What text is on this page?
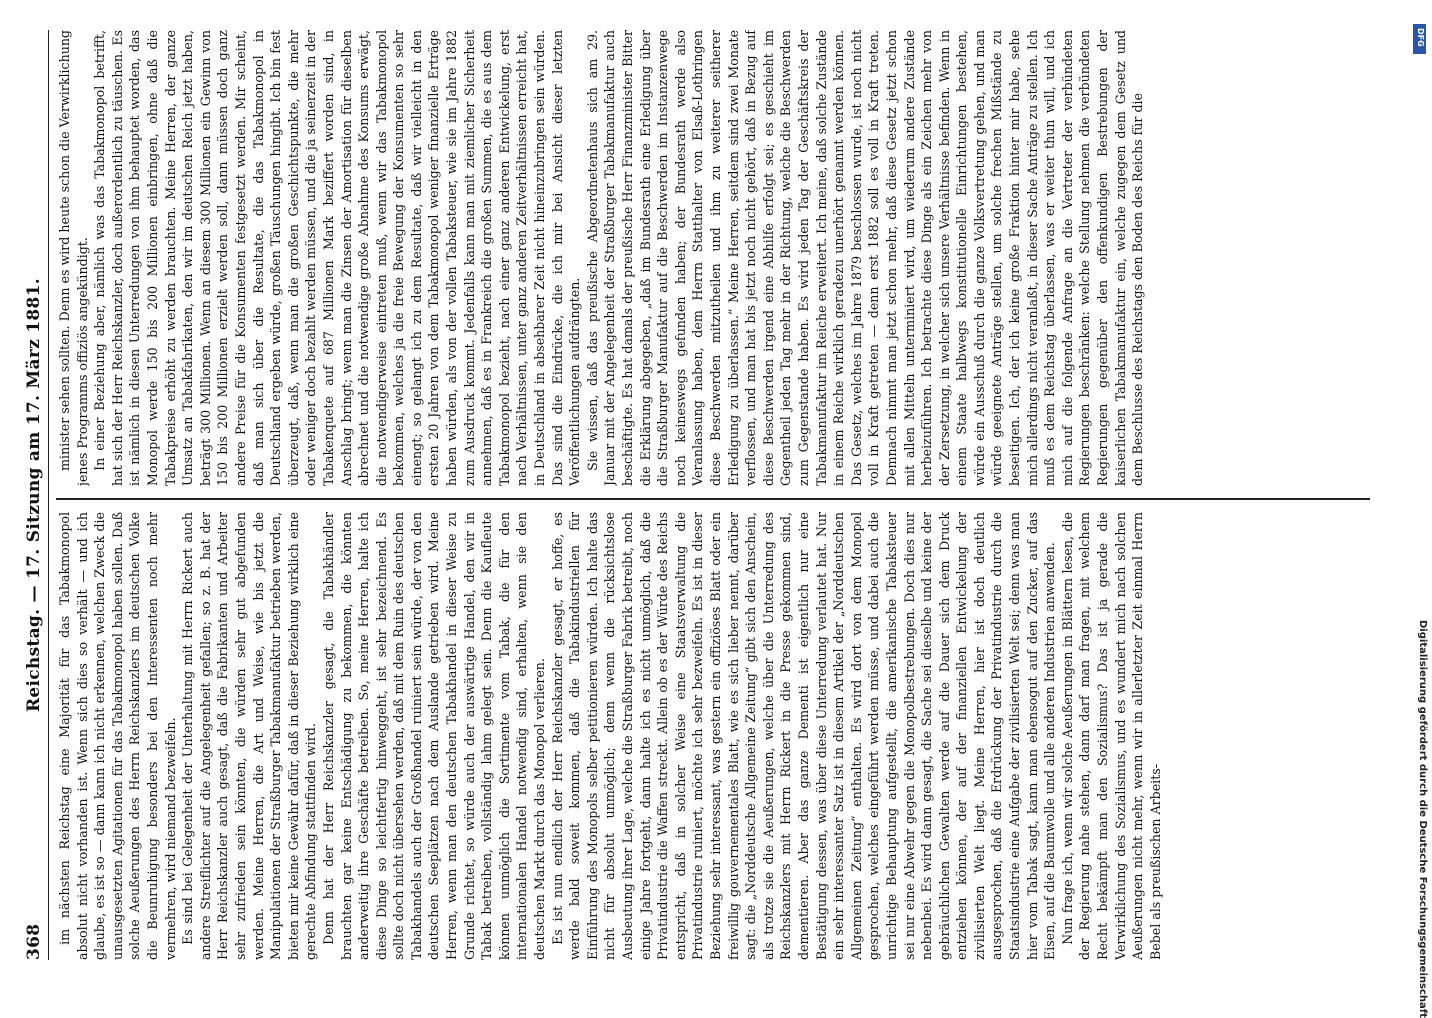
368
Reichstag. — 17. Sitzung am 17. März 1881.

im nächsten Reichstag eine Majorität für das Tabakmonopol absolut nicht vorhanden ist. Wenn sich dies so verhält — und ich glaube, es ist so — dann kann ich nicht erkennen, welchen Zweck die unausgesetzten Agitationen für das Tabakmonopol haben sollen. Daß solche Aeußerungen des Herrn Reichskanzlers im deutschen Volke die Beunruhigung besonders bei den Interessenten noch mehr vermehren, wird niemand bezweifeln. Es sind bei Gelegenheit der Unterhaltung mit Herrn Rickert auch andere Streiflichter auf die Angelegenheit gefallen; so z. B. hat der Herr Reichskanzler auch gesagt, daß die Fabrikanten und Arbeiter sehr zufrieden sein könnten, die würden sehr gut abgefunden werden. Meine Herren, die Art und Weise, wie bis jetzt die Manipulationen der Straßburger Tabakmanufaktur betrieben werden, bieten mir keine Gewähr dafür, daß in dieser Beziehung wirklich eine gerechte Abfindung stattfinden wird. Denn hat der Herr Reichskanzler gesagt, die Tabakhändler brauchten gar keine Entschädigung zu bekommen, die könnten anderweitig ihre Geschäfte betreiben. So, meine Herren, halte ich diese Dinge so leichtfertig hinweggeht, ist sehr bezeichnend. Es sollte doch nicht übersehen werden, daß mit dem Ruin des deutschen Tabakhandels auch der Großhandel ruiniert sein würde, der von den deutschen Seeplätzen nach dem Auslande getrieben wird. Meine Herren, wenn man den deutschen Tabakhandel in dieser Weise zu Grunde richtet, so würde auch der auswärtige Handel, den wir in Tabak betreiben, vollständig lahm gelegt sein. Denn die Kaufleute können unmöglich die Sortimente vom Tabak, die für den internationalen Handel notwendig sind, erhalten, wenn sie den deutschen Markt durch das Monopol verlieren. Es ist nun endlich der Herr Reichskanzler gesagt, er hoffe, es werde bald soweit kommen, daß die Tabakindustriellen für Einführung des Monopols selber petitionieren würden. Ich halte das nicht für absolut unmöglich; denn wenn die rücksichtslose Ausbeutung ihrer Lage, welche die Straßburger Fabrik betreibt, noch einige Jahre fortgeht, dann halte ich es nicht unmöglich, daß die Privatindustrie die Waffen streckt. Allein ob es der Würde des Reichs entspricht, daß in solcher Weise eine Staatsverwaltung die Privatindustrie ruiniert, möchte ich sehr bezweifeln. Es ist in dieser Beziehung sehr interessant, was gestern ein offiziöses Blatt oder ein freiwillig gouvernementales Blatt, wie es sich lieber nennt, darüber sagt: die „Norddeutsche Allgemeine Zeitung“ gibt sich den Anschein, als trotze sie die Aeußerungen, welche über die Unterredung des Reichskanzlers mit Herrn Rickert in die Presse gekommen sind, dementieren. Aber das ganze Dementi ist eigentlich nur eine Bestätigung dessen, was über diese Unterredung verlautet hat. Nur ein sehr interessanter Satz ist in diesem Artikel der „Norddeutschen Allgemeinen Zeitung“ enthalten. Es wird dort von dem Monopol gesprochen, welches eingeführt werden müsse, und dabei auch die unrichtige Behauptung aufgestellt, die amerikanische Tabaksteuer sei nur eine Abwehr gegen die Monopolbestrebungen. Doch dies nur nebenbei. Es wird dann gesagt, die Sache sei dieselbe und keine der gebräuchlichen Gewalten werde auf die Dauer sich dem Druck entziehen können, der auf der finanziellen Entwickelung der zivilisierten Welt liegt. Meine Herren, hier ist doch deutlich ausgesprochen, daß die Erdrückung der Privatindustrie durch die Staatsindustrie eine Aufgabe der zivilisierten Welt sei; denn was man hier vom Tabak sagt, kann man ebensogut auf den Zucker, auf das Eisen, auf die Baumwolle und alle anderen Industrien anwenden. Nun frage ich, wenn wir solche Aeußerungen in Blättern lesen, die der Regierung nahe stehen, dann darf man fragen, mit welchem Recht bekämpft man den Sozialismus? Das ist ja gerade die Verwirklichung des Sozialismus, und es wundert mich nach solchen Aeußerungen nicht mehr, wenn wir in allerletzter Zeit einmal Herrn Bebel als preußischen Arbeits-

minister sehen sollten. Denn es wird heute schon die Verwirklichung jenes Programms offiziös angekündigt. In einer Beziehung aber, nämlich was das Tabakmonopol betrifft, hat sich der Herr Reichskanzler, doch außerordentlich zu täuschen. Es ist nämlich in diesen Unterredungen von ihm behauptet worden, das Monopol werde 150 bis 200 Millionen einbringen, ohne daß die Tabakpreise erhöht zu werden brauchten. Meine Herren, der ganze Umsatz an Tabakfabrikaten, den wir im deutschen Reich jetzt haben, beträgt 300 Millionen. Wenn an diesem 300 Millionen ein Gewinn von 150 bis 200 Millionen erzielt werden soll, dann müssen doch ganz andere Preise für die Konsumenten festgesetzt werden. Mir scheint, daß man sich über die Resultate, die das Tabakmonopol in Deutschland ergeben würde, großen Täuschungen hingibt. Ich bin fest überzeugt, daß, wenn man die großen Geschichtspunkte, die mehr oder weniger doch bezahlt werden müssen, und die ja seinerzeit in der Tabakenquete auf 687 Millionen Mark beziffert worden sind, in Anschlag bringt; wenn man die Zinsen der Amortisation für dieselben abrechnet und die notwendige große Abnahme des Konsums erwägt, die notwendigerweise eintreten muß, wenn wir das Tabakmonopol bekommen, welches ja die freie Bewegung der Konsumenten so sehr einengt; so gelangt ich zu dem Resultate, daß wir vielleicht in den ersten 20 Jahren von dem Tabakmonopol weniger finanzielle Erträge haben würden, als von der vollen Tabaksteuer, wie sie im Jahre 1882 zum Ausdruck kommt. Jedenfalls kann man mit ziemlicher Sicherheit annehmen, daß es in Frankreich die großen Summen, die es aus dem Tabakmonopol bezieht, nach einer ganz anderen Entwickelung, erst nach Verhältnissen, unter ganz anderen Zeitverhältnissen erreicht hat, in Deutschland in absehbarer Zeit nicht hineinzubringen sein würden. Das sind die Eindrücke, die ich mir bei Ansicht dieser letzten Veröffentlichungen aufdrängten. Sie wissen, daß das preußische Abgeordnetenhaus sich am 29. Januar mit der Angelegenheit der Straßburger Tabakmanufaktur auch beschäftigte. Es hat damals der preußische Herr Finanzminister Bitter die Erklärung abgegeben, „daß im Bundesrath eine Erledigung über die Straßburger Manufaktur auf die Beschwerden im Instanzenwege noch keineswegs gefunden haben; der Bundesrath werde also Veranlassung haben, dem Herrn Statthalter von Elsaß-Lothringen diese Beschwerden mitzutheilen und ihm zu weiterer seitherer Erledigung zu überlassen.“ Meine Herren, seitdem sind zwei Monate verflossen, und man hat bis jetzt noch nicht gehört, daß in Bezug auf diese Beschwerden irgend eine Abhilfe erfolgt sei; es geschieht im Gegentheil jeden Tag mehr in der Richtung, welche die Beschwerden zum Gegenstande haben. Es wird jeden Tag der Geschäftskreis der Tabakmanufaktur im Reiche erweitert. Ich meine, daß solche Zustände in einem Reiche wirklich geradezu unerhört genannt werden können. Das Gesetz, welches im Jahre 1879 beschlossen wurde, ist noch nicht voll in Kraft getreten — denn erst 1882 soll es voll in Kraft treten. Demnach nimmt man jetzt schon mehr, daß diese Gesetz jetzt schon mit allen Mitteln unterminiert wird, um wiederum andere Zustände herbeizuführen. Ich betrachte diese Dinge als ein Zeichen mehr von der Zersetzung, in welcher sich unsere Verhältnisse befinden. Wenn in einem Staate halbwegs konstitutionelle Einrichtungen bestehen, würde ein Ausschuß durch die ganze Volksvertretung gehen, und man würde geeignete Anträge stellen, um solche frechen Mißstände zu beseitigen. Ich, der ich keine große Fraktion hinter mir habe, sehe mich allerdings nicht veranlaßt, in dieser Sache Anträge zu stellen. Ich muß es dem Reichstag überlassen, was er weiter thun will, und ich mich auf die folgende Anfrage an die Vertreter der verbündeten Regierungen beschränken: welche Stellung nehmen die verbündeten Regierungen gegenüber den offenkundigen Bestrebungen der kaiserlichen Tabakmanufaktur ein, welche zugegen dem Gesetz und dem Beschlusse des Reichstags den Boden des Reichs für die

DFG
Digitalisierung gefördert durch die Deutsche Forschungsgemeinschaft
